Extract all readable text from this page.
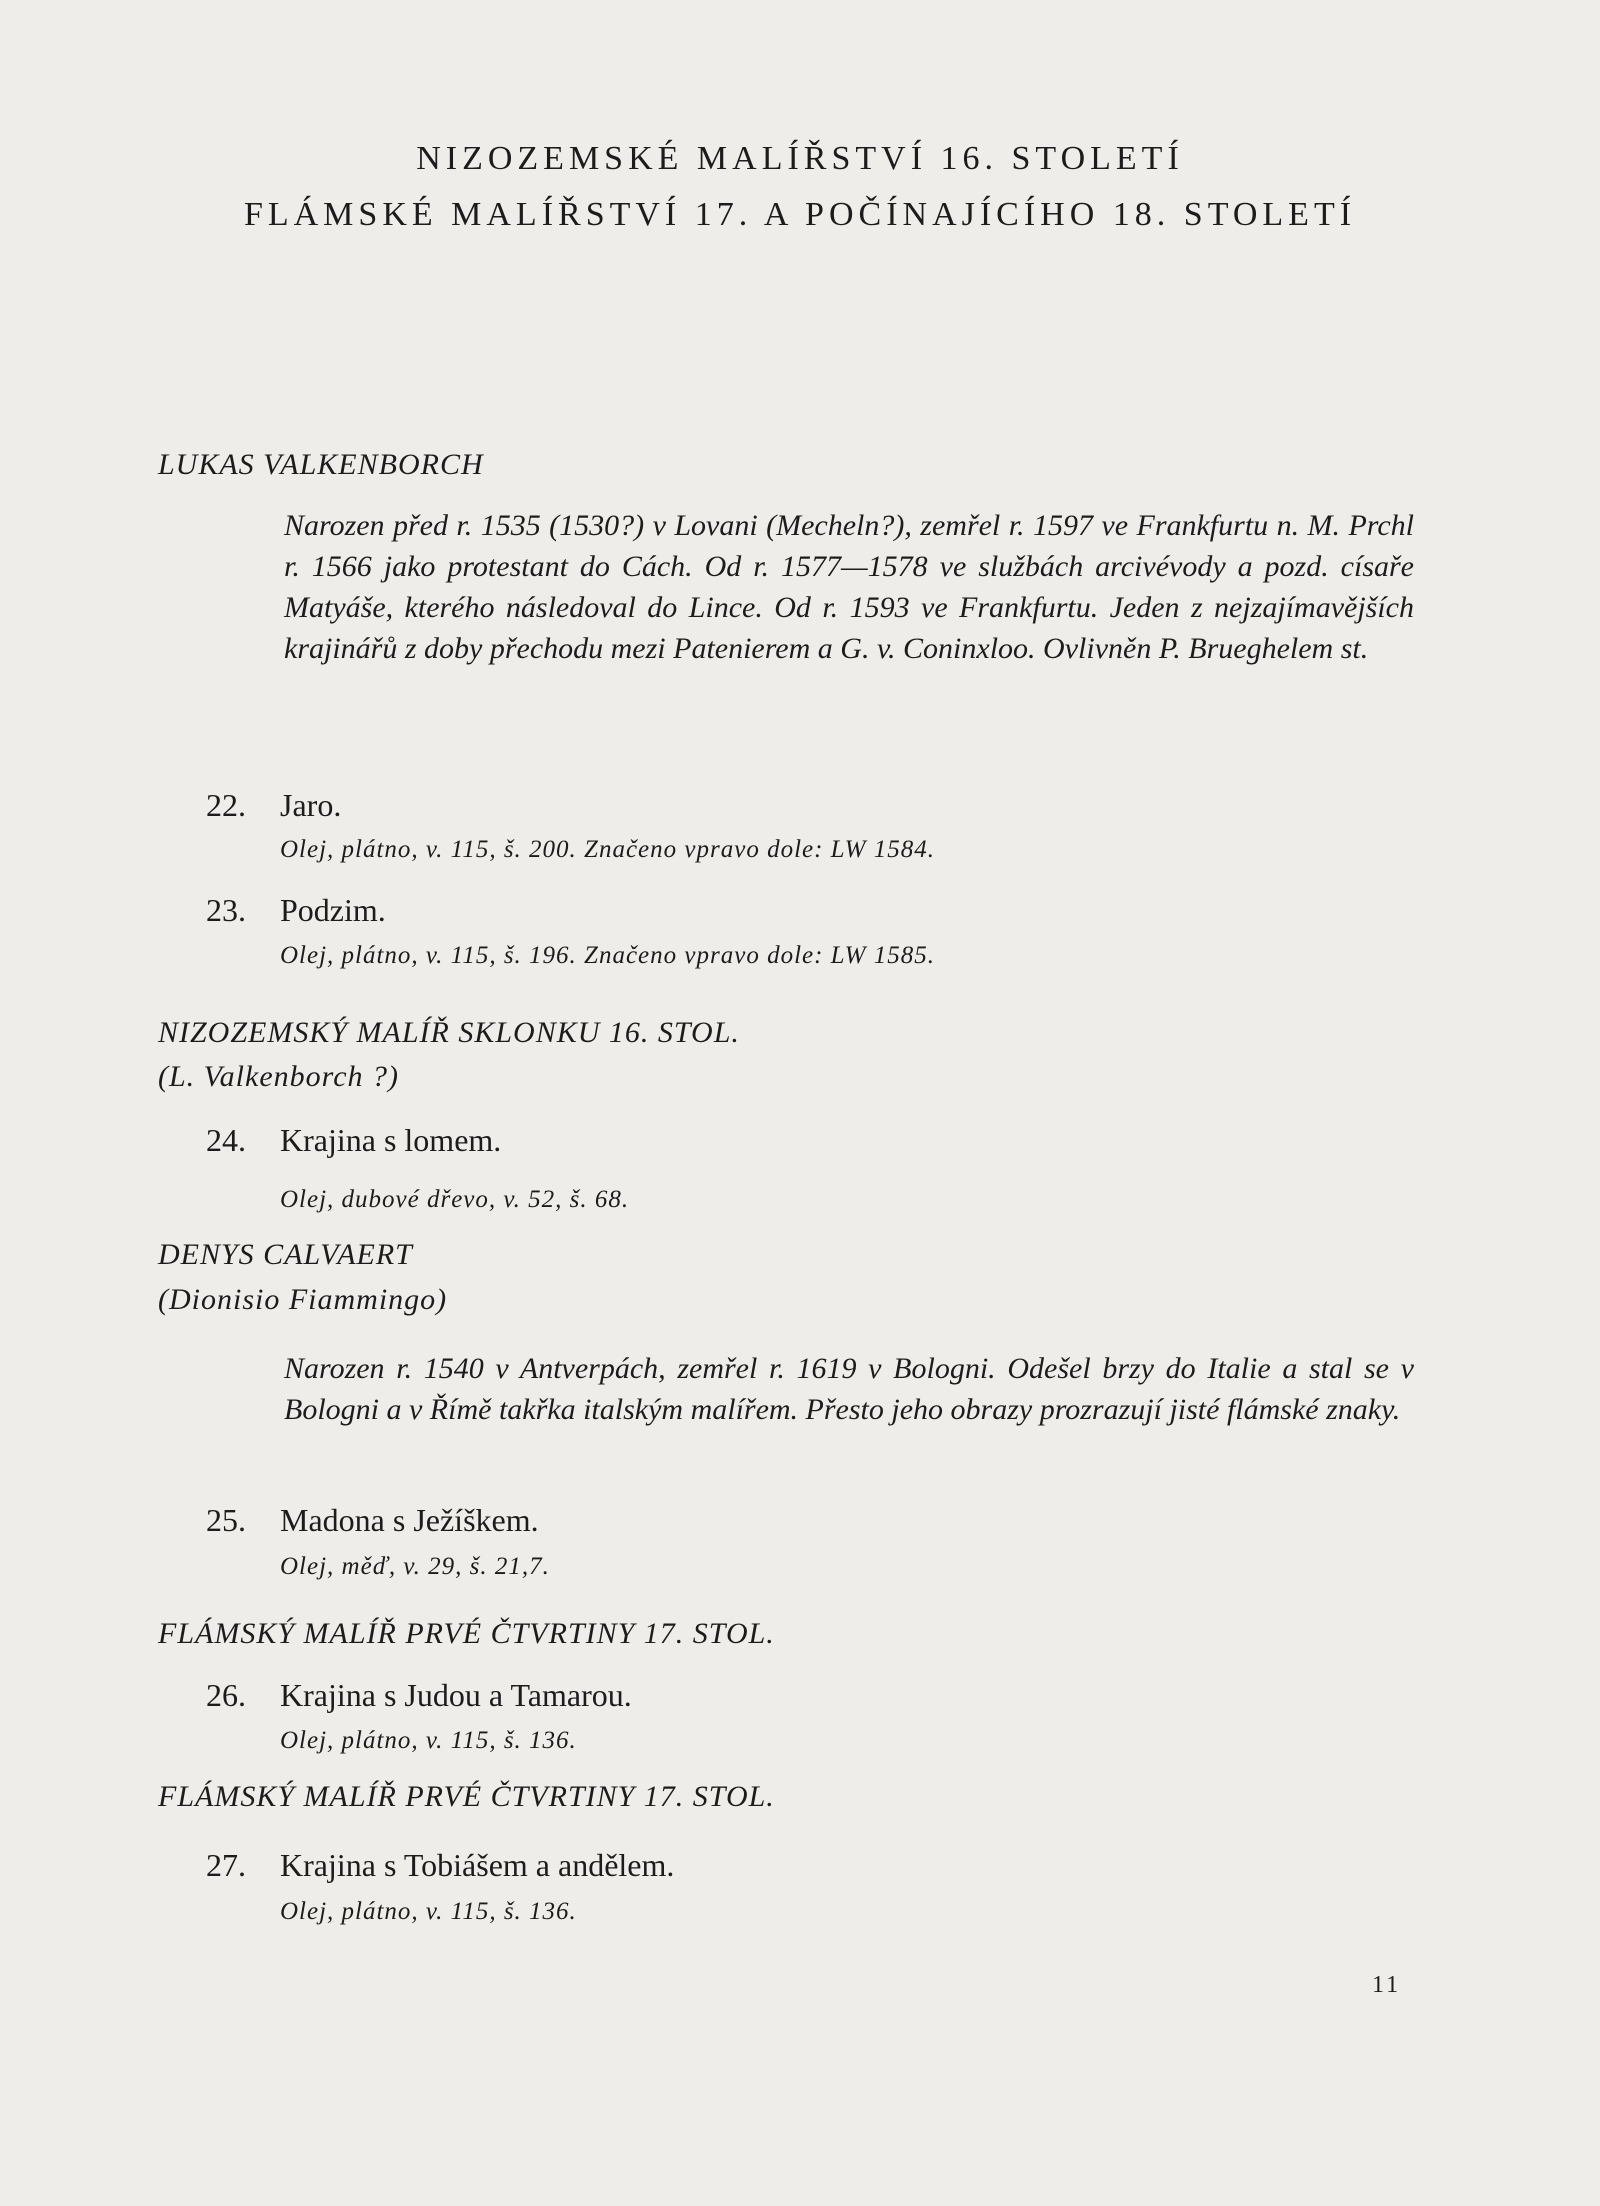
NIZOZEMSKÉ MALÍŘSTVÍ 16. STOLETÍ
FLÁMSKÉ MALÍŘSTVÍ 17. A POČÍNAJÍCÍHO 18. STOLETÍ
LUKAS VALKENBORCH

Narozen před r. 1535 (1530?) v Lovani (Mecheln?), zemřel r. 1597 ve Frankfurtu n. M. Prchl r. 1566 jako protestant do Cách. Od r. 1577—1578 ve službách arcivévody a pozd. císaře Matyáše, kterého následoval do Lince. Od r. 1593 ve Frankfurtu. Jeden z nejzajímavějších krajinářů z doby přechodu mezi Patenierem a G. v. Coninxloo. Ovlivněn P. Brueghelem st.

22. Jaro.
Olej, plátno, v. 115, š. 200. Značeno vpravo dole: LW 1584.
23. Podzim.
Olej, plátno, v. 115, š. 196. Značeno vpravo dole: LW 1585.
NIZOZEMSKÝ MALÍŘ SKLONKU 16. STOL.
(L. Valkenborch ?)
24. Krajina s lomem.
Olej, dubové dřevo, v. 52, š. 68.
DENYS CALVAERT
(Dionisio Fiammingo)

Narozen r. 1540 v Antverpách, zemřel r. 1619 v Bologni. Odešel brzy do Italie a stal se v Bologni a v Římě takřka italským malířem. Přesto jeho obrazy prozrazují jisté flámské znaky.

25. Madona s Ježíškem.
Olej, měď, v. 29, š. 21,7.
FLÁMSKÝ MALÍŘ PRVÉ ČTVRTINY 17. STOL.
26. Krajina s Judou a Tamarou.
Olej, plátno, v. 115, š. 136.
FLÁMSKÝ MALÍŘ PRVÉ ČTVRTINY 17. STOL.
27. Krajina s Tobiášem a andělem.
Olej, plátno, v. 115, š. 136.
11
